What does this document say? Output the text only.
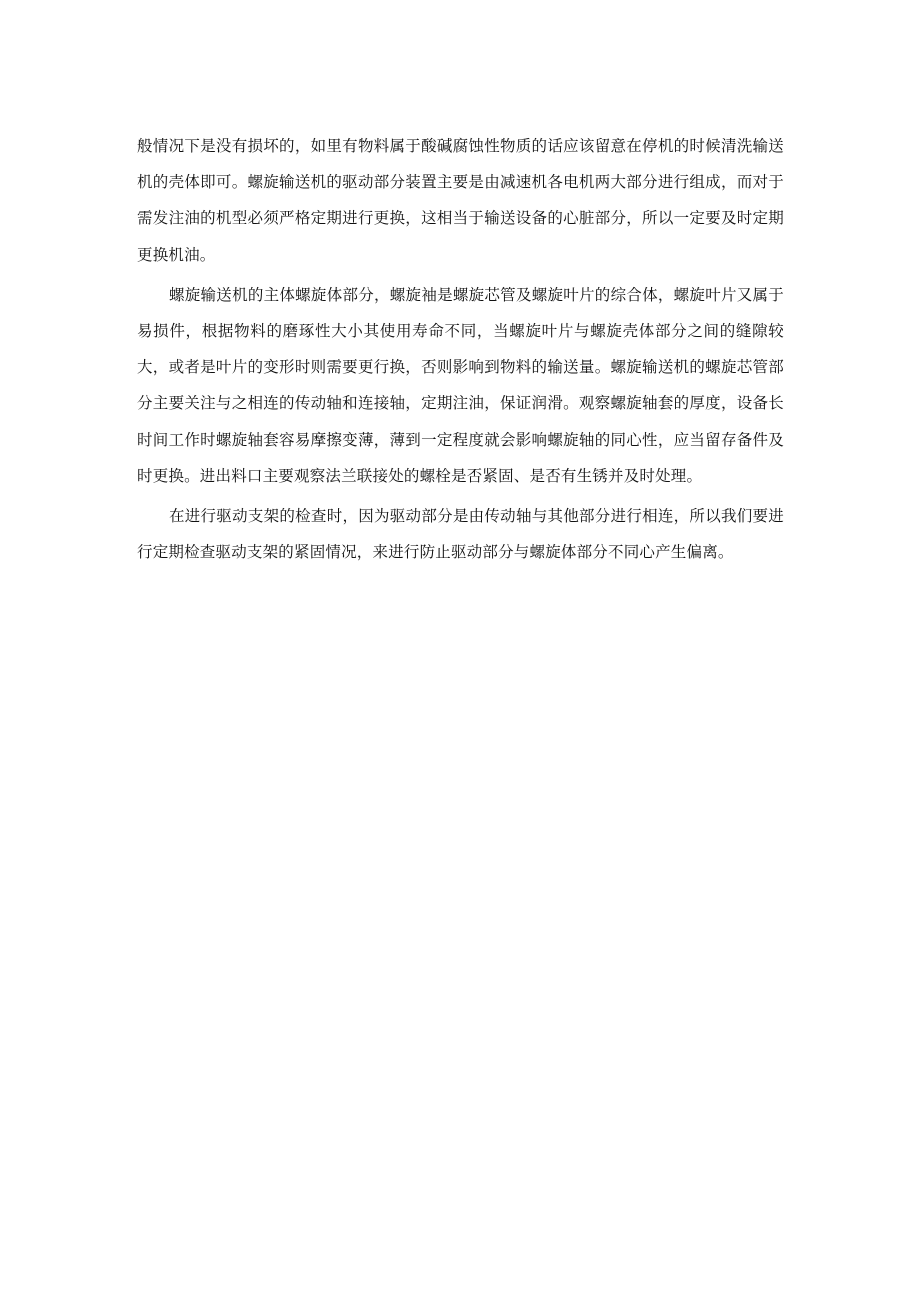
般情况下是没有损坏的，如里有物料属于酸碱腐蚀性物质的话应该留意在停机的时候清洗输送机的壳体即可。螺旋输送机的驱动部分装置主要是由减速机各电机两大部分进行组成，而对于需发注油的机型必须严格定期进行更换，这相当于输送设备的心脏部分，所以一定要及时定期更换机油。

螺旋输送机的主体螺旋体部分，螺旋袖是螺旋芯管及螺旋叶片的综合体，螺旋叶片又属于易损件，根据物料的磨琢性大小其使用寿命不同，当螺旋叶片与螺旋壳体部分之间的缝隙较大，或者是叶片的变形时则需要更行换，否则影响到物料的输送量。螺旋输送机的螺旋芯管部分主要关注与之相连的传动轴和连接轴，定期注油，保证润滑。观察螺旋轴套的厚度，设备长时间工作时螺旋轴套容易摩擦变薄，薄到一定程度就会影响螺旋轴的同心性，应当留存备件及时更换。进出料口主要观察法兰联接处的螺栓是否紧固、是否有生锈并及时处理。

在进行驱动支架的检查时，因为驱动部分是由传动轴与其他部分进行相连，所以我们要进行定期检查驱动支架的紧固情况，来进行防止驱动部分与螺旋体部分不同心产生偏离。
